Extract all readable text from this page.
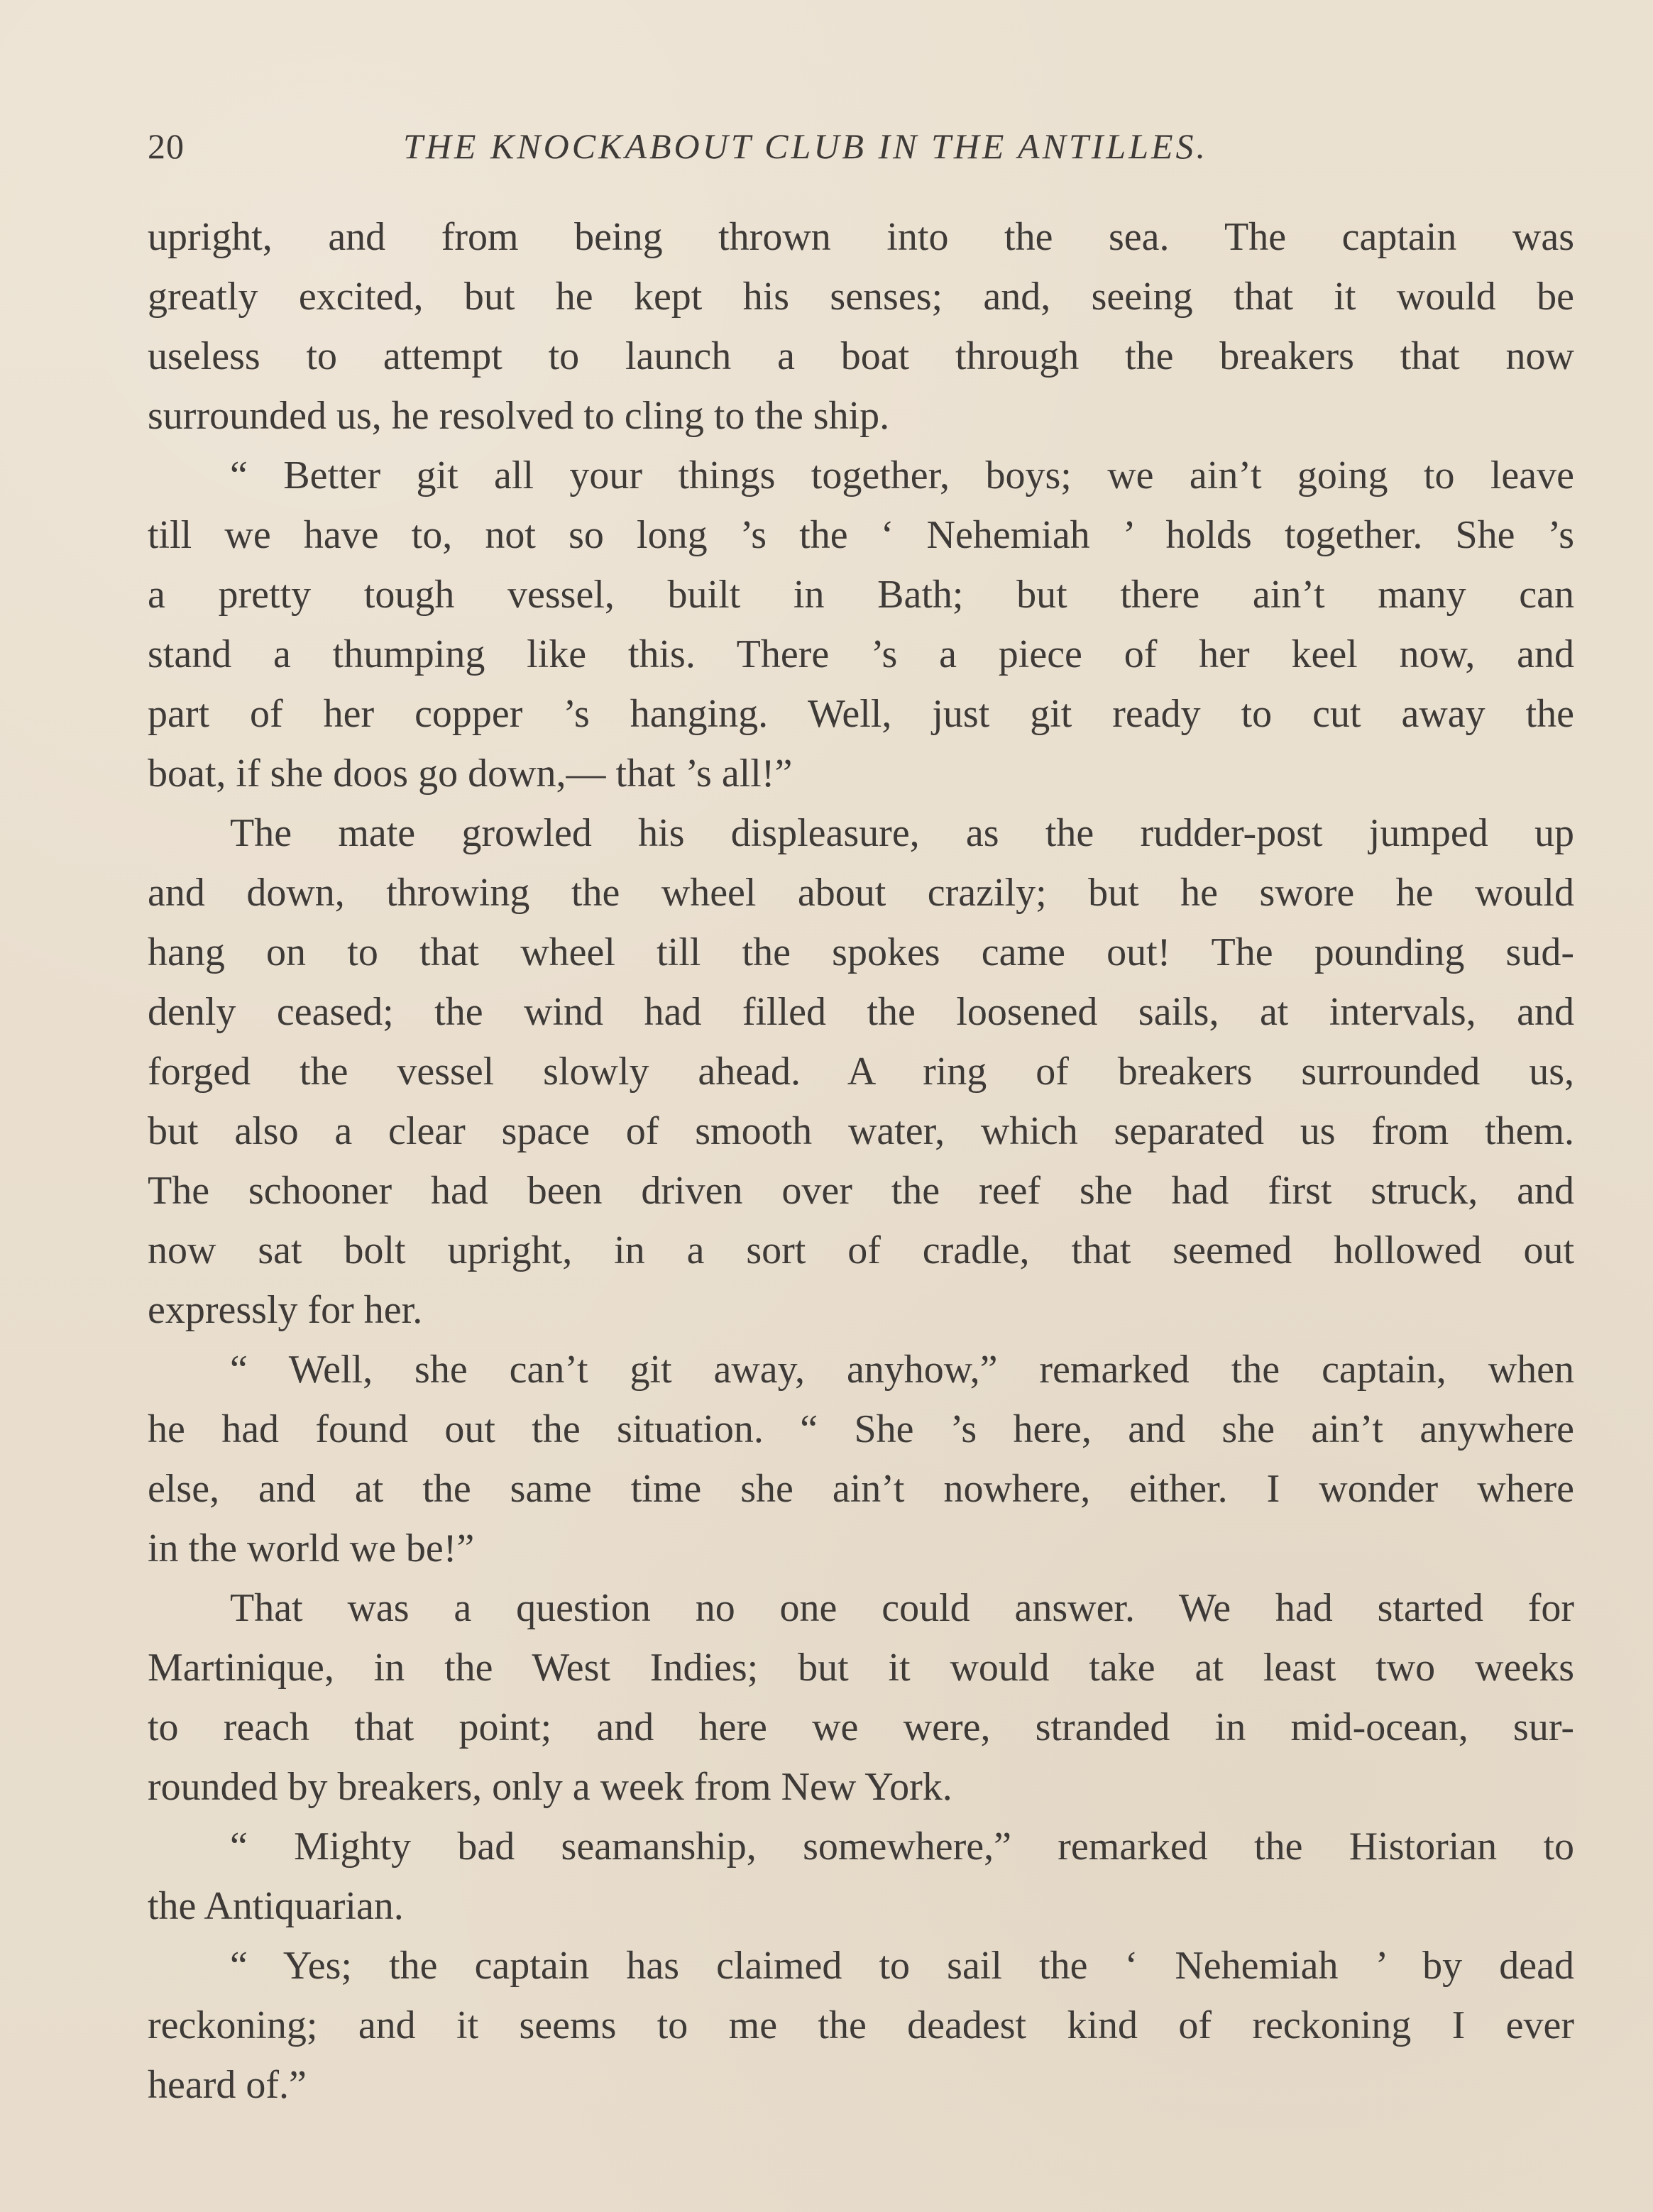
20	THE KNOCKABOUT CLUB IN THE ANTILLES.
upright, and from being thrown into the sea. The captain was
greatly excited, but he kept his senses; and, seeing that it would be
useless to attempt to launch a boat through the breakers that now
surrounded us, he resolved to cling to the ship.
“ Better git all your things together, boys; we ain’t going to leave
till we have to, not so long ’s the ‘ Nehemiah ’ holds together. She ’s
a pretty tough vessel, built in Bath; but there ain’t many can
stand a thumping like this. There ’s a piece of her keel now, and
part of her copper ’s hanging. Well, just git ready to cut away the
boat, if she doos go down,— that ’s all!”
The mate growled his displeasure, as the rudder-post jumped up
and down, throwing the wheel about crazily; but he swore he would
hang on to that wheel till the spokes came out! The pounding sud-
denly ceased; the wind had filled the loosened sails, at intervals, and
forged the vessel slowly ahead. A ring of breakers surrounded us,
but also a clear space of smooth water, which separated us from them.
The schooner had been driven over the reef she had first struck, and
now sat bolt upright, in a sort of cradle, that seemed hollowed out
expressly for her.
“ Well, she can’t git away, anyhow,” remarked the captain, when
he had found out the situation. “ She ’s here, and she ain’t anywhere
else, and at the same time she ain’t nowhere, either. I wonder where
in the world we be!”
That was a question no one could answer. We had started for
Martinique, in the West Indies; but it would take at least two weeks
to reach that point; and here we were, stranded in mid-ocean, sur-
rounded by breakers, only a week from New York.
“ Mighty bad seamanship, somewhere,” remarked the Historian to
the Antiquarian.
“ Yes; the captain has claimed to sail the ‘ Nehemiah ’ by dead
reckoning; and it seems to me the deadest kind of reckoning I ever
heard of.”
